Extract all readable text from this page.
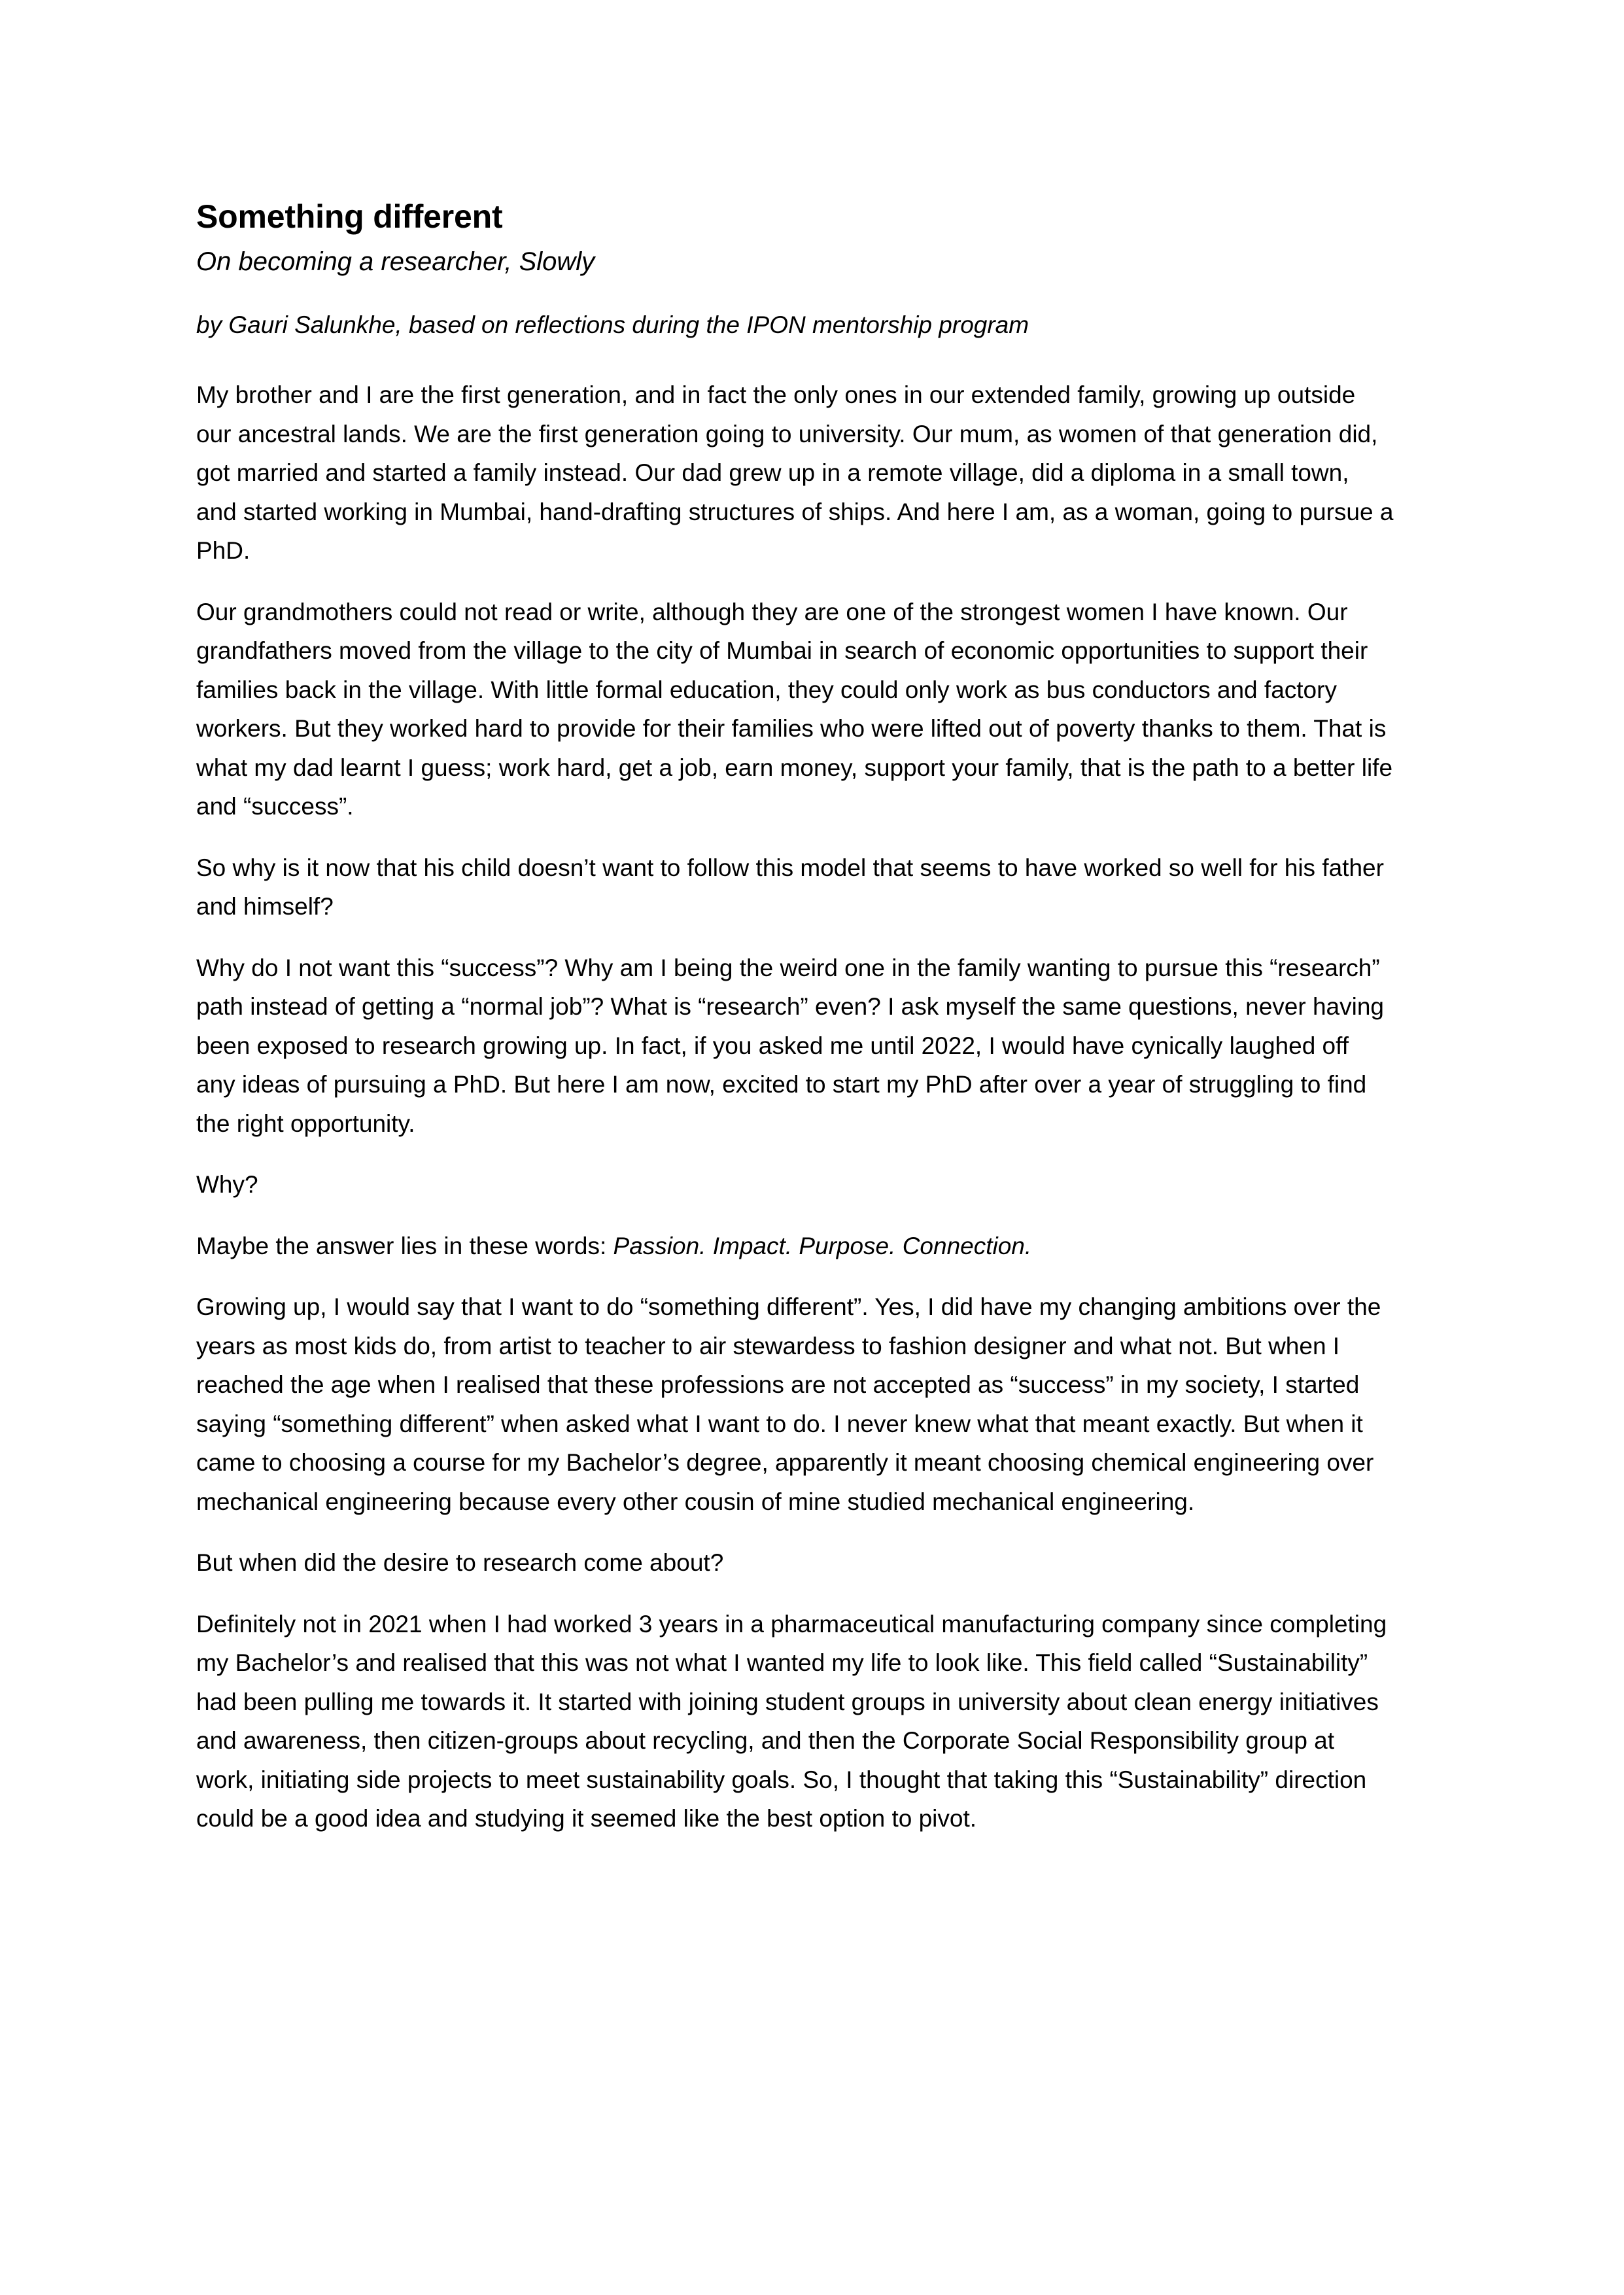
Something different
On becoming a researcher, Slowly

by Gauri Salunkhe, based on reflections during the IPON mentorship program

My brother and I are the first generation, and in fact the only ones in our extended family, growing up outside our ancestral lands. We are the first generation going to university. Our mum, as women of that generation did, got married and started a family instead. Our dad grew up in a remote village, did a diploma in a small town, and started working in Mumbai, hand-drafting structures of ships. And here I am, as a woman, going to pursue a PhD.

Our grandmothers could not read or write, although they are one of the strongest women I have known. Our grandfathers moved from the village to the city of Mumbai in search of economic opportunities to support their families back in the village. With little formal education, they could only work as bus conductors and factory workers. But they worked hard to provide for their families who were lifted out of poverty thanks to them. That is what my dad learnt I guess; work hard, get a job, earn money, support your family, that is the path to a better life and “success”.

So why is it now that his child doesn’t want to follow this model that seems to have worked so well for his father and himself?

Why do I not want this “success”? Why am I being the weird one in the family wanting to pursue this “research” path instead of getting a “normal job”? What is “research” even? I ask myself the same questions, never having been exposed to research growing up. In fact, if you asked me until 2022, I would have cynically laughed off any ideas of pursuing a PhD. But here I am now, excited to start my PhD after over a year of struggling to find the right opportunity.

Why?

Maybe the answer lies in these words: Passion. Impact. Purpose. Connection.

Growing up, I would say that I want to do “something different”. Yes, I did have my changing ambitions over the years as most kids do, from artist to teacher to air stewardess to fashion designer and what not. But when I reached the age when I realised that these professions are not accepted as “success” in my society, I started saying “something different” when asked what I want to do. I never knew what that meant exactly. But when it came to choosing a course for my Bachelor’s degree, apparently it meant choosing chemical engineering over mechanical engineering because every other cousin of mine studied mechanical engineering.

But when did the desire to research come about?

Definitely not in 2021 when I had worked 3 years in a pharmaceutical manufacturing company since completing my Bachelor’s and realised that this was not what I wanted my life to look like. This field called “Sustainability” had been pulling me towards it. It started with joining student groups in university about clean energy initiatives and awareness, then citizen-groups about recycling, and then the Corporate Social Responsibility group at work, initiating side projects to meet sustainability goals. So, I thought that taking this “Sustainability” direction could be a good idea and studying it seemed like the best option to pivot.
